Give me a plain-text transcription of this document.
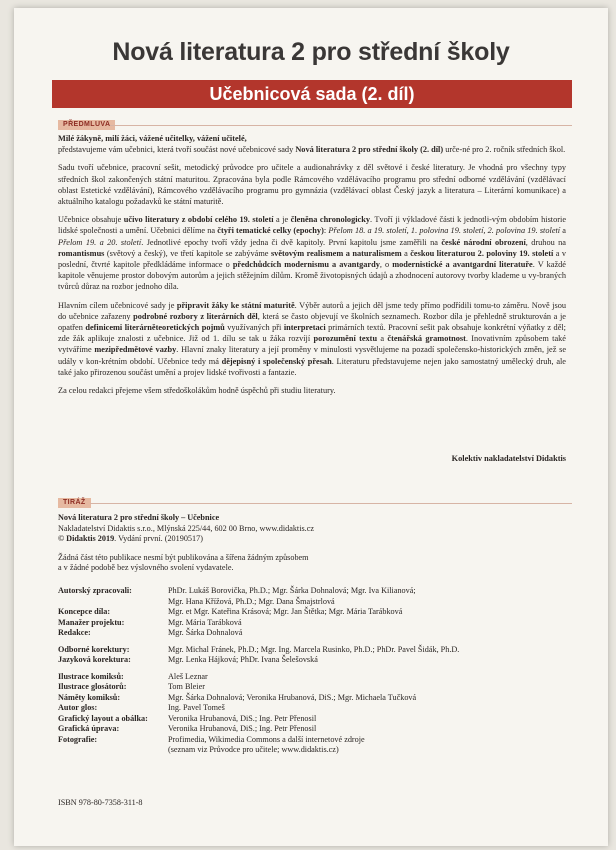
Nová literatura 2 pro střední školy
Učebnicová sada (2. díl)
PŘEDMLUVA

Milé žákyně, milí žáci, vážené učitelky, vážení učitelé,
představujeme vám učebnici, která tvoří součást nové učebnicové sady Nová literatura 2 pro střední školy (2. díl) urče-né pro 2. ročník středních škol.

Sadu tvoří učebnice, pracovní sešit, metodický průvodce pro učitele a audionahrávky z děl světové i české literatury. Je vhodná pro všechny typy středních škol zakončených státní maturitou. Zpracována byla podle Rámcového vzdělávacího programu pro střední odborné vzdělávání (vzdělávací oblast Estetické vzdělávání), Rámcového vzdělávacího programu pro gymnázia (vzdělávací oblast Český jazyk a literatura – Literární komunikace) a aktuálního katalogu požadavků ke státní maturitě.

Učebnice obsahuje učivo literatury z období celého 19. století a je členěna chronologicky. Tvoří ji výkladové části k jednotli-vým obdobím historie lidské společnosti a umění. Učebnici dělíme na čtyři tematické celky (epochy): Přelom 18. a 19. století, 1. polovina 19. století, 2. polovina 19. století a Přelom 19. a 20. století. Jednotlivé epochy tvoří vždy jedna či dvě kapitoly. První kapitolu jsme zaměřili na české národní obrození, druhou na romantismus (světový a český), ve třetí kapitole se zabýváme světovým realismem a naturalismem a českou literaturou 2. poloviny 19. století a v poslední, čtvrté kapitole předkládáme informace o předchůdcích modernismu a avantgardy, o modernistické a avantgardní literatuře. V každé kapitole věnujeme prostor dobovým autorům a jejich stěžejním dílům. Kromě životopisných údajů a zhodnocení autorovy tvorby klademe u vy-braných tvůrců důraz na rozbor jednoho díla.

Hlavním cílem učebnicové sady je připravit žáky ke státní maturitě. Výběr autorů a jejich děl jsme tedy přímo podřídili tomu-to záměru. Nově jsou do učebnice zařazeny podrobné rozbory z literárních děl, která se často objevují ve školních seznamech. Rozbor díla je přehledně strukturován a je opatřen definicemi literárněteoretických pojmů využívaných při interpretaci primárních textů. Pracovní sešit pak obsahuje konkrétní výňatky z děl; zde žák aplikuje znalosti z učebnice. Již od 1. dílu se tak u žáka rozvíjí porozumění textu a čtenářská gramotnost. Inovativním způsobem také vytváříme mezipředmětové vazby. Hlavní znaky literatury a její proměny v minulosti vysvětlujeme na pozadí společensko-historických změn, jež se udály v kon-krétním období. Učebnice tedy má dějepisný i společenský přesah. Literaturu představujeme nejen jako samostatný umělecký druh, ale také jako přirozenou součást umění a projev lidské tvořivosti a fantazie.

Za celou redakci přejeme všem středoškolákům hodně úspěchů při studiu literatury.

Kolektiv nakladatelství Didaktis
TIRÁŽ
Nová literatura 2 pro střední školy – Učebnice
Nakladatelství Didaktis s.r.o., Mlýnská 225/44, 602 00 Brno, www.didaktis.cz
© Didaktis 2019. Vydání první. (20190517)
Žádná část této publikace nesmí být publikována a šířena žádným způsobem
a v žádné podobě bez výslovného svolení vydavatele.
Autorský zpracovali:	PhDr. Lukáš Borovička, Ph.D.; Mgr. Šárka Dohnalová; Mgr. Iva Kilianová;
Mgr. Hana Křížová, Ph.D.; Mgr. Dana Šmajstrlová
Koncepce díla:	Mgr. et Mgr. Kateřina Krásová; Mgr. Jan Štětka; Mgr. Mária Tarábková
Manažer projektu:	Mgr. Mária Tarábková
Redakce:	Mgr. Šárka Dohnalová
Odborné korektury:	Mgr. Michal Fránek, Ph.D.; Mgr. Ing. Marcela Rusinko, Ph.D.; PhDr. Pavel Šidák, Ph.D.
Jazyková korektura:	Mgr. Lenka Hájková; PhDr. Ivana Šelešovská
Ilustrace komiksů:	Aleš Leznar
Ilustrace glosátorů:	Tom Bleier
Náměty komiksů:	Mgr. Šárka Dohnalová; Veronika Hrubanová, DiS.; Mgr. Michaela Tučková
Autor glos:	Ing. Pavel Tomeš
Grafický layout a obálka:	Veronika Hrubanová, DiS.; Ing. Petr Přenosil
Grafická úprava:	Veronika Hrubanová, DiS.; Ing. Petr Přenosil
Fotografie:	Profimedia, Wikimedia Commons a další internetové zdroje
(seznam viz Průvodce pro učitele; www.didaktis.cz)
ISBN 978-80-7358-311-8
